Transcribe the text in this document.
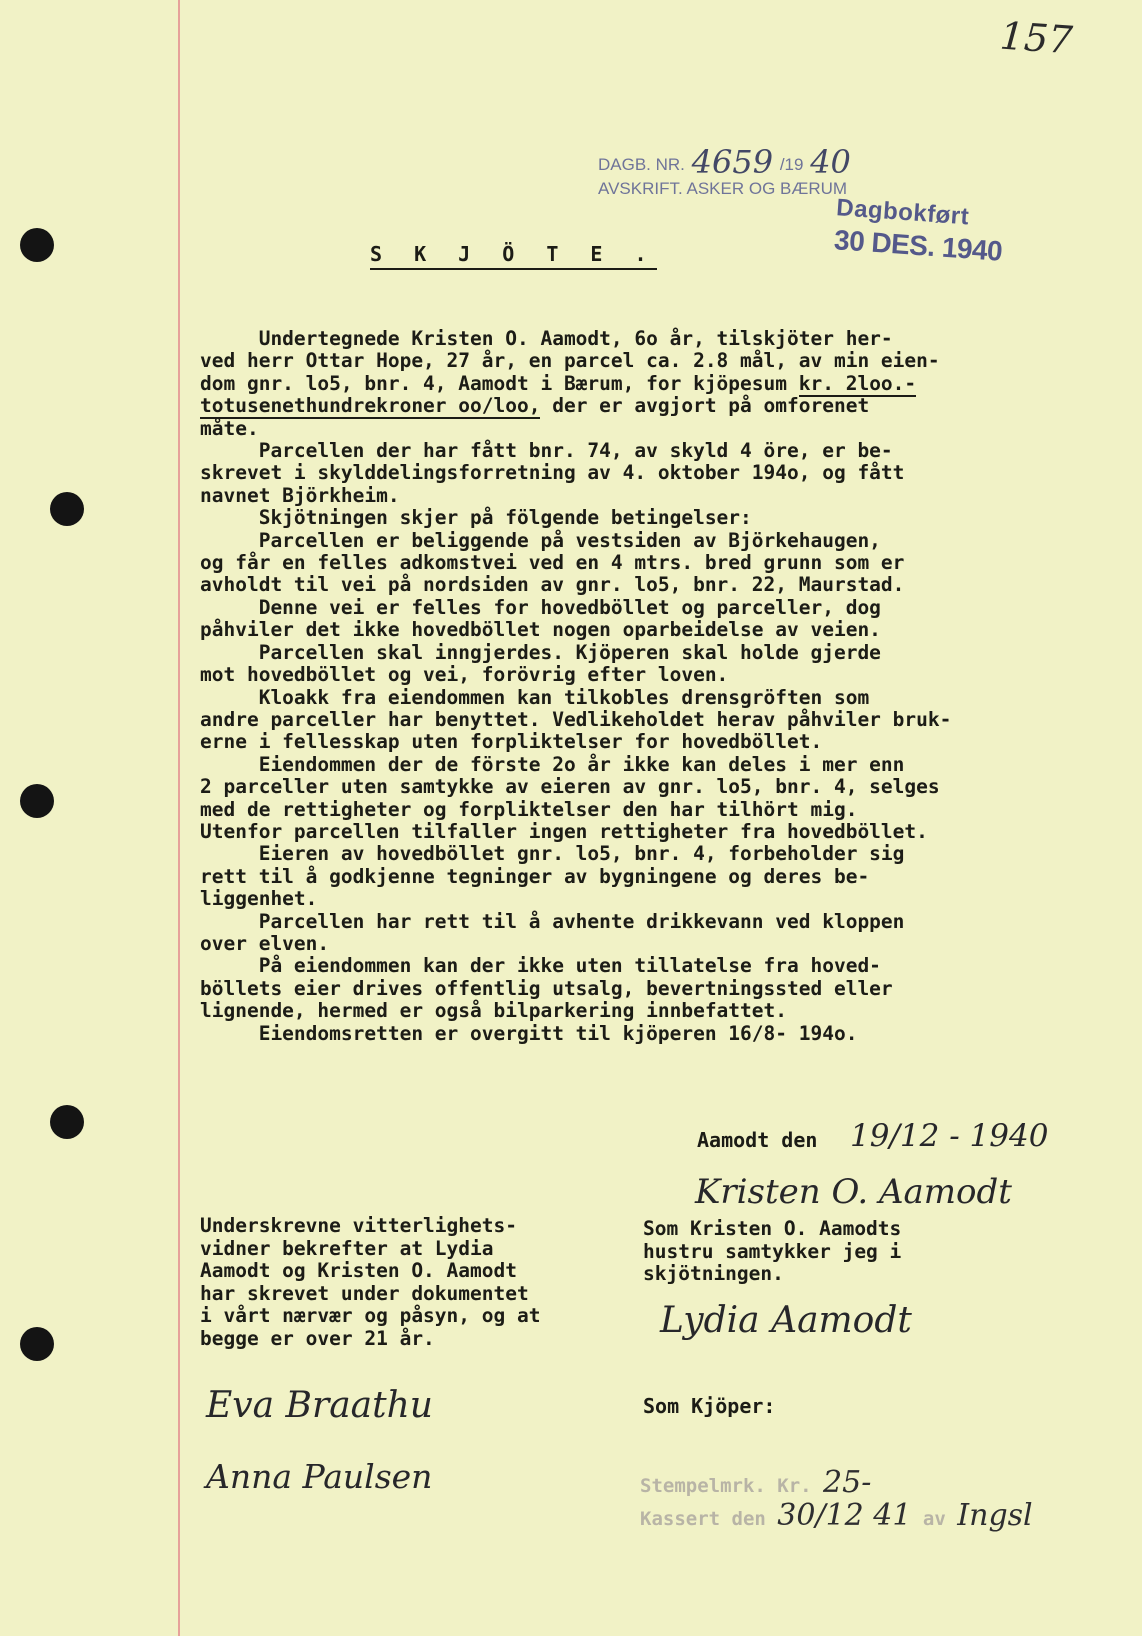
157
DAGB. NR. 4659 /19 40
AVSKRIFT. ASKER OG BÆRUM
Dagbokført
30 DES. 1940
S K J Ö T E .
Undertegnede Kristen O. Aamodt, 6o år, tilskjöter her-
ved herr Ottar Hope, 27 år, en parcel ca. 2.8 mål, av min eien-
dom gnr. lo5, bnr. 4, Aamodt i Bærum, for kjöpesum kr. 2loo.-
totusenethundrekroner oo/loo, der er avgjort på omforenet
måte.
Parcellen der har fått bnr. 74, av skyld 4 öre, er be-
skrevet i skylddelingsforretning av 4. oktober 194o, og fått
navnet Björkheim.
Skjötningen skjer på fölgende betingelser:
Parcellen er beliggende på vestsiden av Björkehaugen,
og får en felles adkomstvei ved en 4 mtrs. bred grunn som er
avholdt til vei på nordsiden av gnr. lo5, bnr. 22, Maurstad.
Denne vei er felles for hovedböllet og parceller, dog
påhviler det ikke hovedböllet nogen oparbeidelse av veien.
Parcellen skal inngjerdes. Kjöperen skal holde gjerde
mot hovedböllet og vei, forövrig efter loven.
Kloakk fra eiendommen kan tilkobles drensgröften som
andre parceller har benyttet. Vedlikeholdet herav påhviler bruk-
erne i fellesskap uten forpliktelser for hovedböllet.
Eiendommen der de förste 2o år ikke kan deles i mer enn
2 parceller uten samtykke av eieren av gnr. lo5, bnr. 4, selges
med de rettigheter og forpliktelser den har tilhört mig.
Utenfor parcellen tilfaller ingen rettigheter fra hovedböllet.
Eieren av hovedböllet gnr. lo5, bnr. 4, forbeholder sig
rett til å godkjenne tegninger av bygningene og deres be-
liggenhet.
Parcellen har rett til å avhente drikkevann ved kloppen
over elven.
På eiendommen kan der ikke uten tillatelse fra hoved-
böllets eier drives offentlig utsalg, bevertningssted eller
lignende, hermed er også bilparkering innbefattet.
Eiendomsretten er overgitt til kjöperen 16/8- 194o.
Aamodt den 19/12 - 1940
Kristen O. Aamodt
Underskrevne vitterlighets-
vidner bekrefter at Lydia
Aamodt og Kristen O. Aamodt
har skrevet under dokumentet
i vårt nærvær og påsyn, og at
begge er over 21 år.
Som Kristen O. Aamodts
hustru samtykker jeg i
skjötningen.
Lydia Aamodt
Eva Braathu
Anna Paulsen
Som Kjöper:
Stempelmrk. Kr. 25-
Kassert den 30/12 41 av Ingsl
